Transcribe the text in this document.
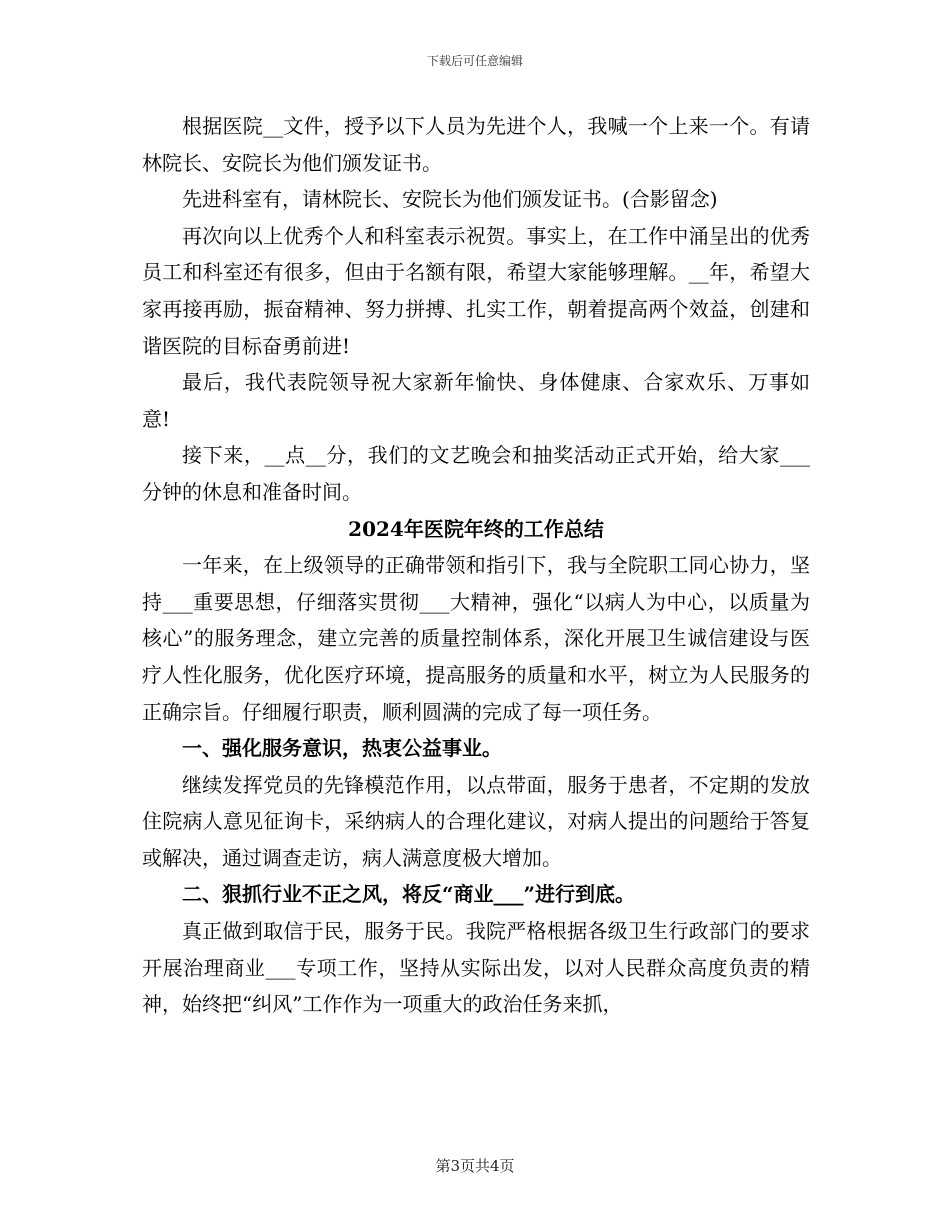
下载后可任意编辑

根据医院__文件，授予以下人员为先进个人，我喊一个上来一个。有请林院长、安院长为他们颁发证书。

先进科室有，请林院长、安院长为他们颁发证书。(合影留念)

再次向以上优秀个人和科室表示祝贺。事实上，在工作中涌呈出的优秀员工和科室还有很多，但由于名额有限，希望大家能够理解。__年，希望大家再接再励，振奋精神、努力拼搏、扎实工作，朝着提高两个效益，创建和谐医院的目标奋勇前进!

最后，我代表院领导祝大家新年愉快、身体健康、合家欢乐、万事如意!

接下来，__点__分，我们的文艺晚会和抽奖活动正式开始，给大家___分钟的休息和准备时间。

2024年医院年终的工作总结

一年来，在上级领导的正确带领和指引下，我与全院职工同心协力，坚持___重要思想，仔细落实贯彻___大精神，强化“以病人为中心，以质量为核心”的服务理念，建立完善的质量控制体系，深化开展卫生诚信建设与医疗人性化服务，优化医疗环境，提高服务的质量和水平，树立为人民服务的正确宗旨。仔细履行职责，顺利圆满的完成了每一项任务。

一、强化服务意识，热衷公益事业。

继续发挥党员的先锋模范作用，以点带面，服务于患者，不定期的发放住院病人意见征询卡，采纳病人的合理化建议，对病人提出的问题给于答复或解决，通过调查走访，病人满意度极大增加。

二、狠抓行业不正之风，将反“商业___”进行到底。

真正做到取信于民，服务于民。我院严格根据各级卫生行政部门的要求开展治理商业___专项工作，坚持从实际出发，以对人民群众高度负责的精神，始终把“纠风”工作作为一项重大的政治任务来抓，

第3页共4页
